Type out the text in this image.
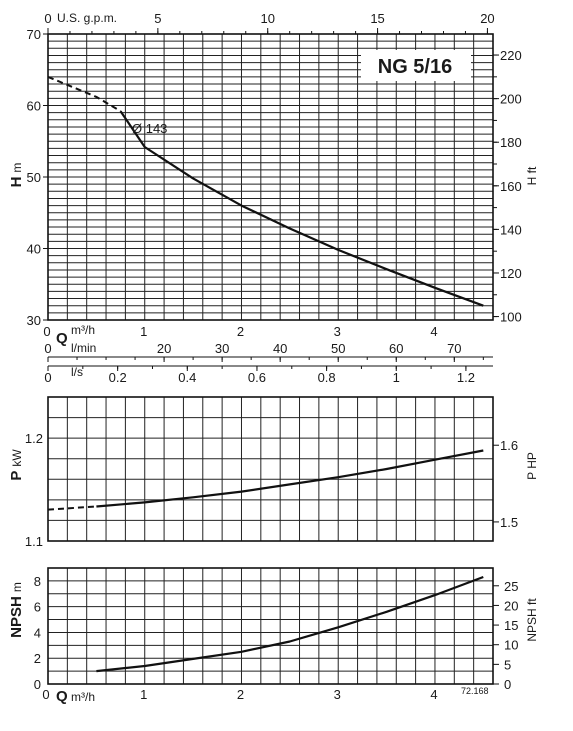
30
40
50
60
70
100
120
140
160
180
200
220
0	1	2	3	4
1.1
1.2
1.5
1.6
0
2
4
6
8
0
5
10
15
20
25
0	1	2	3	4
NG 5/16
Ø 143
Hm
PkW
NPSHm
H ft
P HP
NPSH ft
U.S. g.p.m.
Q m³/h
l/min
l/s
Q m³/h	72.168
0	5	10	15	20
0	20	30	40	50	60	70
0	0.2	0.4	0.6	0.8	1	1.2
